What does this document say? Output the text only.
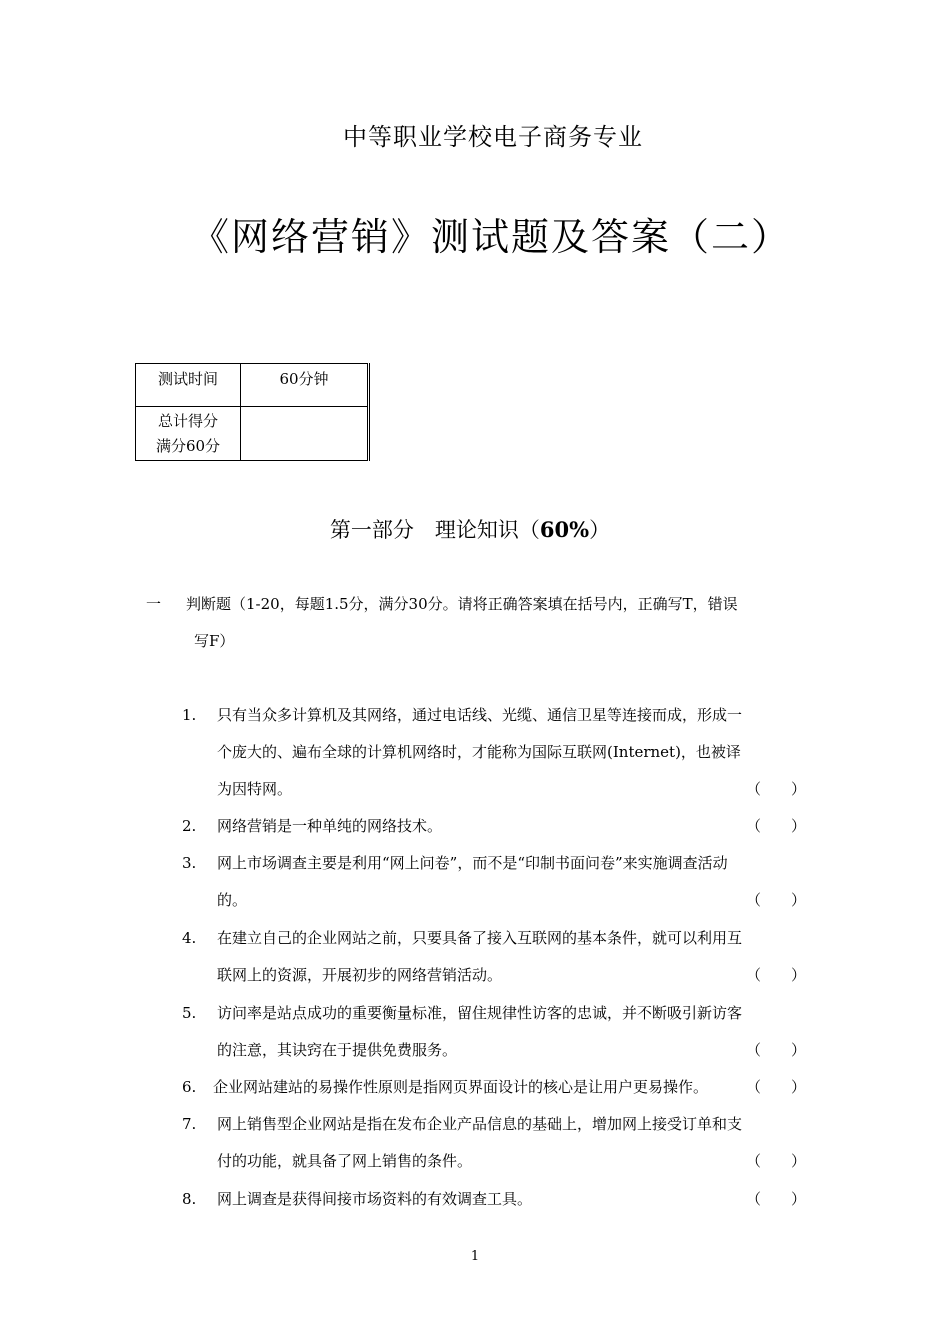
中等职业学校电子商务专业
《网络营销》测试题及答案（二）
测试时间	60分钟

总计得分
满分60分	

第一部分　理论知识（60%）
一 判断题（1-20，每题1.5分，满分30分。请将正确答案填在括号内，正确写T，错误
写F）
1.	只有当众多计算机及其网络，通过电话线、光缆、通信卫星等连接而成，形成一
个庞大的、遍布全球的计算机网络时，才能称为国际互联网(Internet)，也被译
为因特网。	（　　）
2.	网络营销是一种单纯的网络技术。	（　　）
3.	网上市场调查主要是利用“网上问卷”，而不是“印制书面问卷”来实施调查活动
的。	（　　）
4.	在建立自己的企业网站之前，只要具备了接入互联网的基本条件，就可以利用互
联网上的资源，开展初步的网络营销活动。	（　　）
5.	访问率是站点成功的重要衡量标准，留住规律性访客的忠诚，并不断吸引新访客
的注意，其诀窍在于提供免费服务。	（　　）
6.	企业网站建站的易操作性原则是指网页界面设计的核心是让用户更易操作。	（　　）
7.	网上销售型企业网站是指在发布企业产品信息的基础上，增加网上接受订单和支
付的功能，就具备了网上销售的条件。	（　　）
8.	网上调查是获得间接市场资料的有效调查工具。	（　　）
1
